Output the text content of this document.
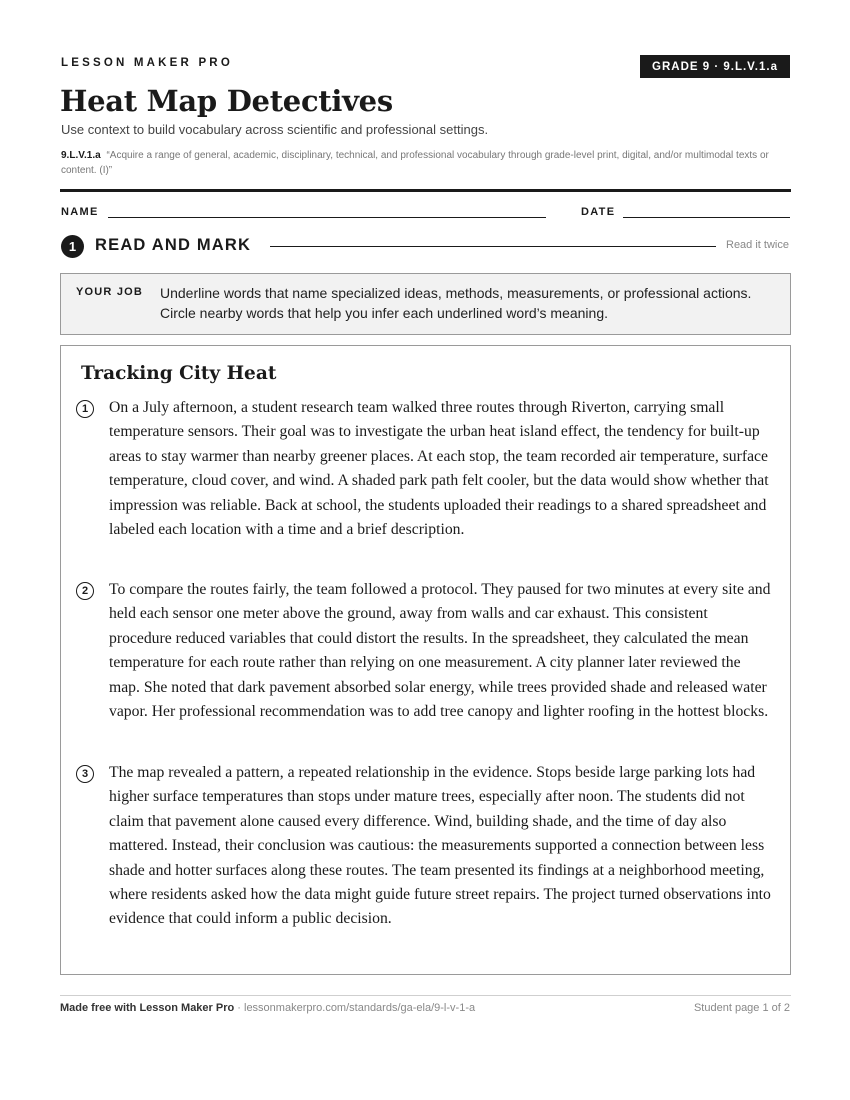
LESSON MAKER PRO	GRADE 9 · 9.L.V.1.a
Heat Map Detectives
Use context to build vocabulary across scientific and professional settings.
9.L.V.1.a “Acquire a range of general, academic, disciplinary, technical, and professional vocabulary through grade-level print, digital, and/or multimodal texts or content. (I)”
NAME	DATE
1	READ AND MARK	Read it twice
YOUR JOB Underline words that name specialized ideas, methods, measurements, or professional actions. Circle nearby words that help you infer each underlined word’s meaning.
Tracking City Heat
1	On a July afternoon, a student research team walked three routes through Riverton, carrying small temperature sensors. Their goal was to investigate the urban heat island effect, the tendency for built-up areas to stay warmer than nearby greener places. At each stop, the team recorded air temperature, surface temperature, cloud cover, and wind. A shaded park path felt cooler, but the data would show whether that impression was reliable. Back at school, the students uploaded their readings to a shared spreadsheet and labeled each location with a time and a brief description.

2	To compare the routes fairly, the team followed a protocol. They paused for two minutes at every site and held each sensor one meter above the ground, away from walls and car exhaust. This consistent procedure reduced variables that could distort the results. In the spreadsheet, they calculated the mean temperature for each route rather than relying on one measurement. A city planner later reviewed the map. She noted that dark pavement absorbed solar energy, while trees provided shade and released water vapor. Her professional recommendation was to add tree canopy and lighter roofing in the hottest blocks.

3	The map revealed a pattern, a repeated relationship in the evidence. Stops beside large parking lots had higher surface temperatures than stops under mature trees, especially after noon. The students did not claim that pavement alone caused every difference. Wind, building shade, and the time of day also mattered. Instead, their conclusion was cautious: the measurements supported a connection between less shade and hotter surfaces along these routes. The team presented its findings at a neighborhood meeting, where residents asked how the data might guide future street repairs. The project turned observations into evidence that could inform a public decision.

Made free with Lesson Maker Pro · lessonmakerpro.com/standards/ga-ela/9-l-v-1-a	Student page 1 of 2
